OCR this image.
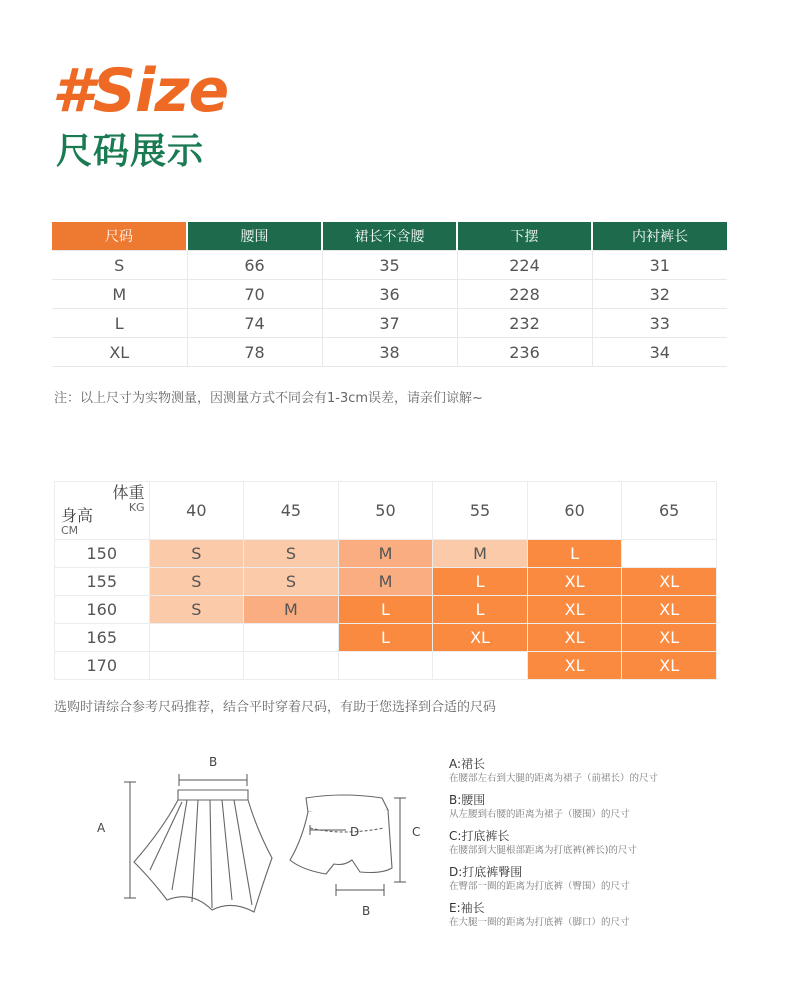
#Size
尺码展示
尺码	腰围	裙长不含腰	下摆	内衬裤长
S	66	35	224	31
M	70	36	228	32
L	74	37	232	33
XL	78	38	236	34

注：以上尺寸为实物测量，因测量方式不同会有1-3cm误差，请亲们谅解~

体重
KG
身高
CM	40	45	50	55	60	65
150	S	S	M	M	L	
155	S	S	M	L	XL	XL
160	S	M	L	L	XL	XL
165			L	XL	XL	XL
170					XL	XL

选购时请综合参考尺码推荐，结合平时穿着尺码，有助于您选择到合适的尺码

A
B
D	C
B
A:裙长
在腰部左右到大腿的距离为裙子（前裙长）的尺寸
B:腰围
从左腰到右腰的距离为裙子（腰围）的尺寸
C:打底裤长
在腰部到大腿根部距离为打底裤(裤长)的尺寸
D:打底裤臀围
在臀部一圈的距离为打底裤（臀围）的尺寸
E:袖长
在大腿一圈的距离为打底裤（脚口）的尺寸
